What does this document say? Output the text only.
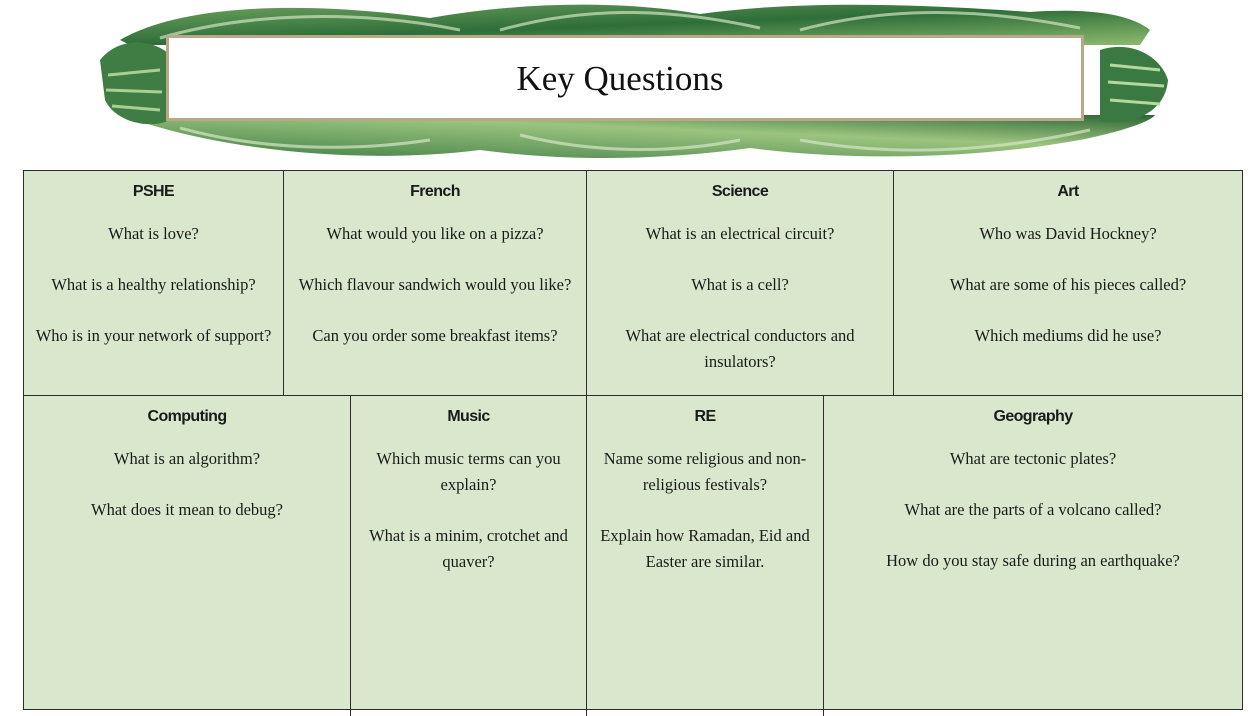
Key Questions
PSHE
What is love?
What is a healthy relationship?
Who is in your network of support?
French
What would you like on a pizza?
Which flavour sandwich would you like?
Can you order some breakfast items?
Science
What is an electrical circuit?
What is a cell?
What are electrical conductors and insulators?
Art
Who was David Hockney?
What are some of his pieces called?
Which mediums did he use?
Computing
What is an algorithm?
What does it mean to debug?
Music
Which music terms can you explain?
What is a minim, crotchet and quaver?
RE
Name some religious and non-religious festivals?
Explain how Ramadan, Eid and Easter are similar.
Geography
What are tectonic plates?
What are the parts of a volcano called?
How do you stay safe during an earthquake?
